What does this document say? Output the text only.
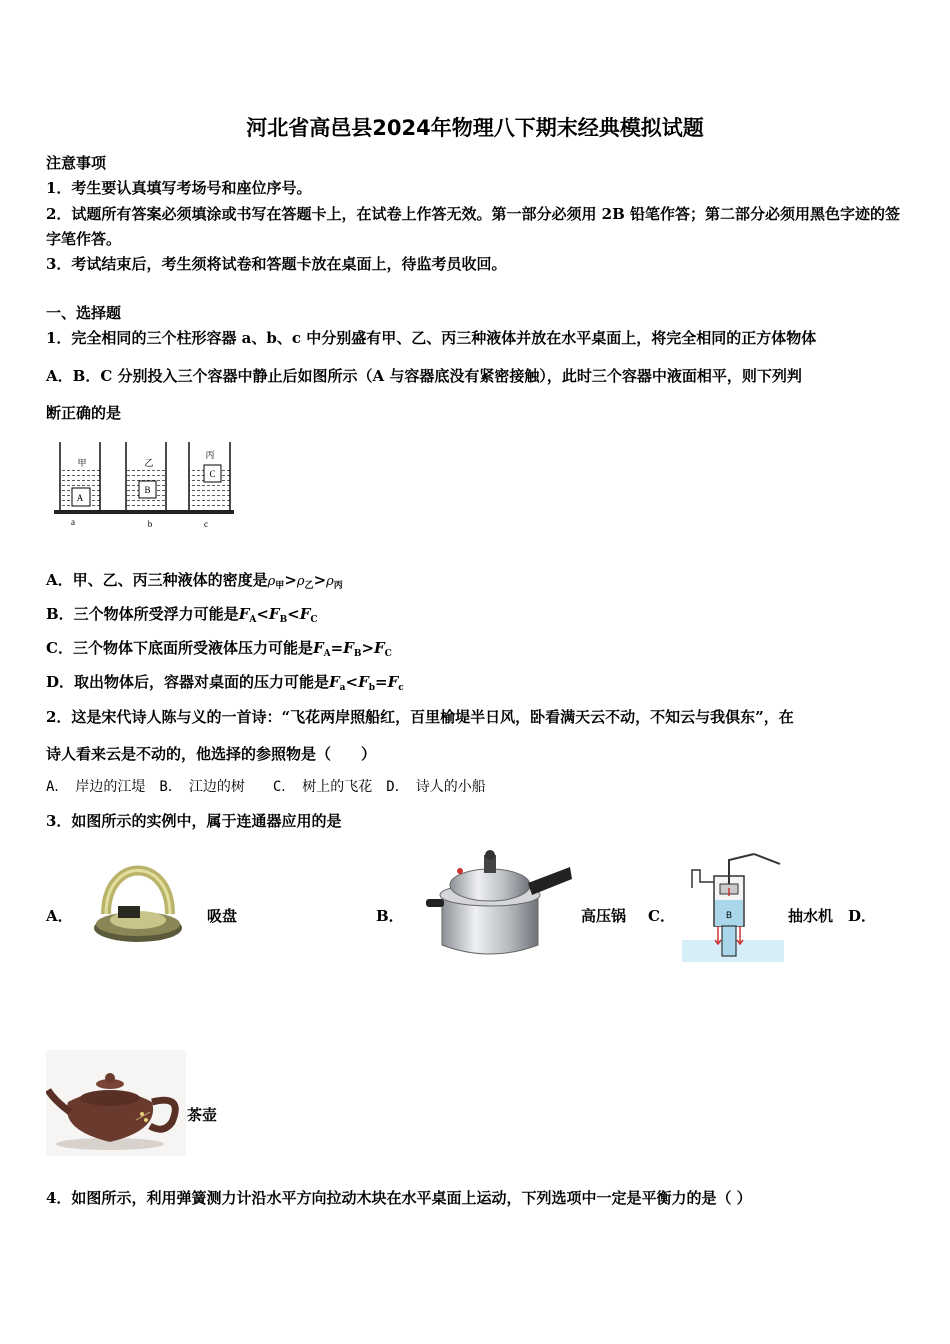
河北省高邑县2024年物理八下期末经典模拟试题
注意事项
1．考生要认真填写考场号和座位序号。
2．试题所有答案必须填涂或书写在答题卡上，在试卷上作答无效。第一部分必须用 2B 铅笔作答；第二部分必须用黑色字迹的签字笔作答。
3．考试结束后，考生须将试卷和答题卡放在桌面上，待监考员收回。
一、选择题
1．完全相同的三个柱形容器 a、b、c 中分别盛有甲、乙、丙三种液体并放在水平桌面上，将完全相同的正方体物体
A．B．C 分别投入三个容器中静止后如图所示（A 与容器底没有紧密接触），此时三个容器中液面相平，则下列判
断正确的是
A
甲
B
乙
C
丙
a	b	c
A．甲、乙、丙三种液体的密度是$\rho_甲>\rho_乙>\rho_丙$
B．三个物体所受浮力可能是$F_A<F_B<F_C$
C．三个物体下底面所受液体压力可能是$F_A=F_B>F_C$
D．取出物体后，容器对桌面的压力可能是$F_a<F_b=F_c$
2．这是宋代诗人陈与义的一首诗：“飞花两岸照船红，百里榆堤半日风，卧看满天云不动，不知云与我俱东”，在
诗人看来云是不动的，他选择的参照物是（　　）
A．　岸边的江堤　B．　江边的树　　C．　树上的飞花　D．　诗人的小船
3．如图所示的实例中，属于连通器应用的是
A．	吸盘	B．	高压锅 C．	B	抽水机 D．
茶壶
4．如图所示，利用弹簧测力计沿水平方向拉动木块在水平桌面上运动，下列选项中一定是平衡力的是（ ）
